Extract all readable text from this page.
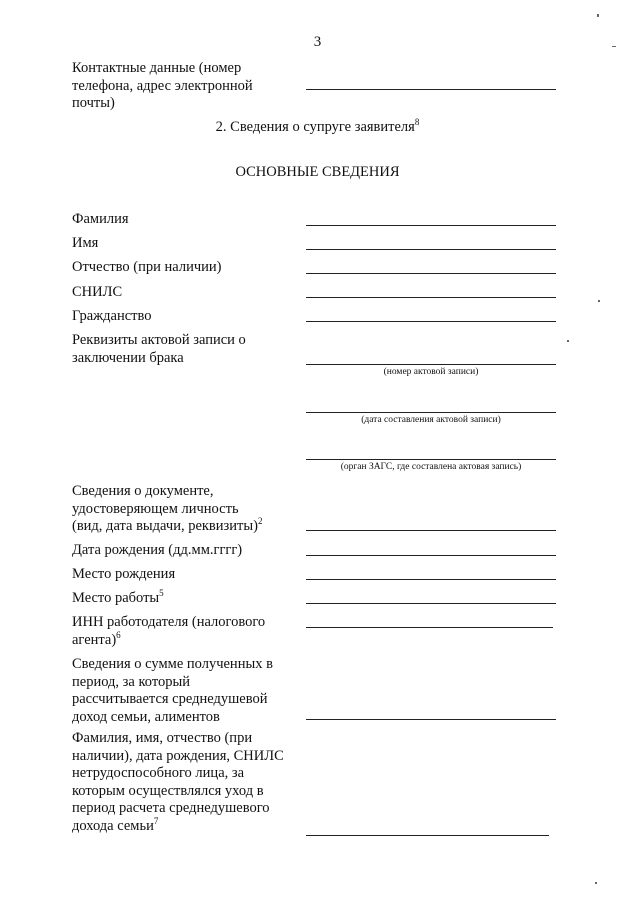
3
Контактные данные (номер
телефона, адрес электронной
почты)
2. Сведения о супруге заявителя$^8$
ОСНОВНЫЕ СВЕДЕНИЯ
Фамилия
Имя
Отчество (при наличии)
СНИЛС
Гражданство
Реквизиты актовой записи о
заключении брака
(номер актовой записи)
(дата составления актовой записи)
(орган ЗАГС, где составлена актовая запись)
Сведения о документе,
удостоверяющем личность
(вид, дата выдачи, реквизиты)$^2$
Дата рождения (дд.мм.гггг)
Место рождения
Место работы$^5$
ИНН работодателя (налогового
агента)$^6$
Сведения о сумме полученных в
период, за который
рассчитывается среднедушевой
доход семьи, алиментов
Фамилия, имя, отчество (при
наличии), дата рождения, СНИЛС
нетрудоспособного лица, за
которым осуществлялся уход в
период расчета среднедушевого
дохода семьи$^7$
